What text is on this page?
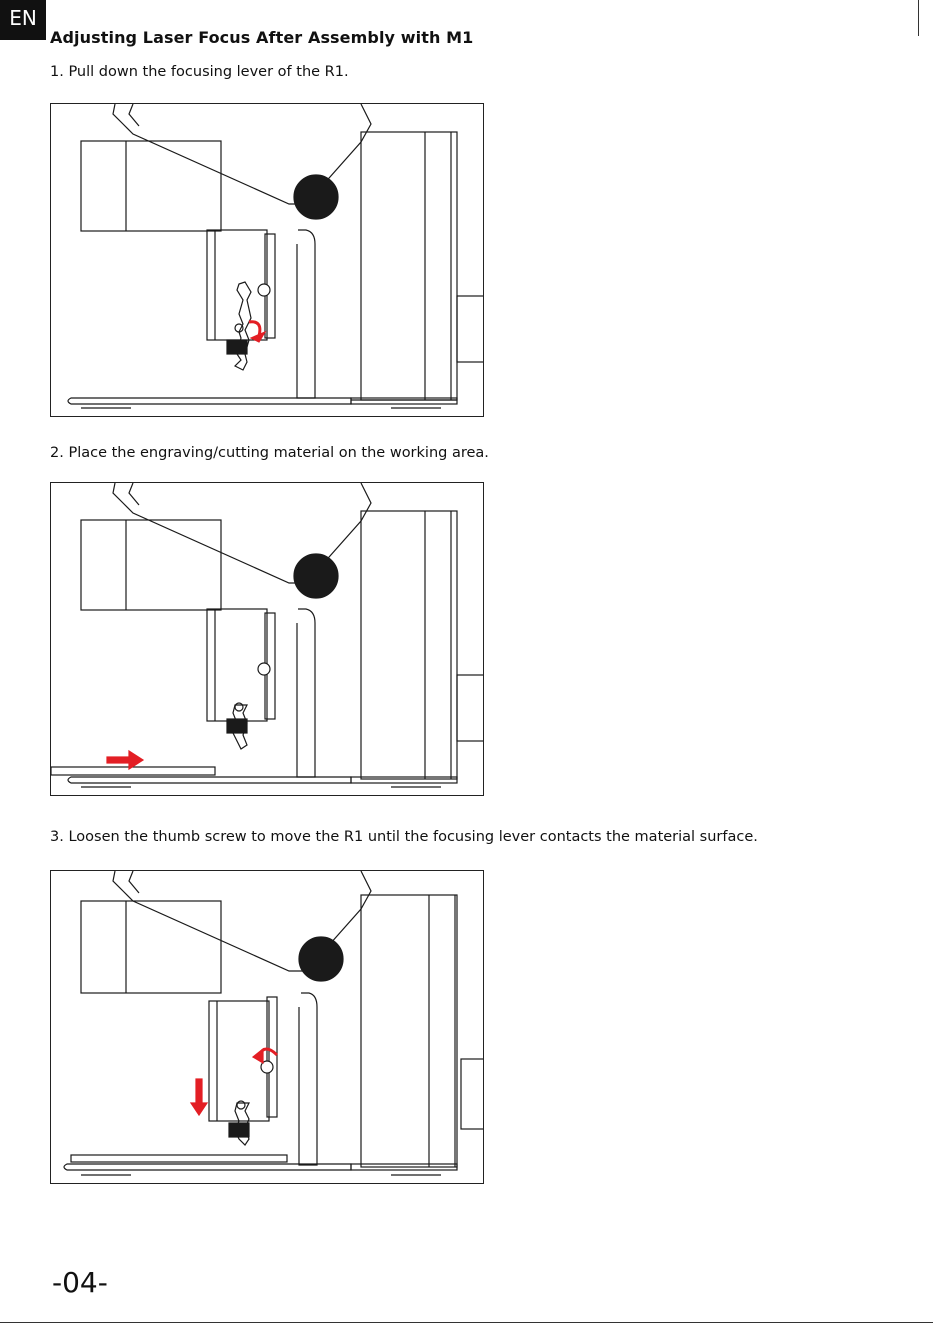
EN
Adjusting Laser Focus After Assembly with M1
1. Pull down the focusing lever of the R1.
2. Place the engraving/cutting material on the working area.
3. Loosen the thumb screw to move the R1 until the focusing lever contacts the material surface.
-04-
